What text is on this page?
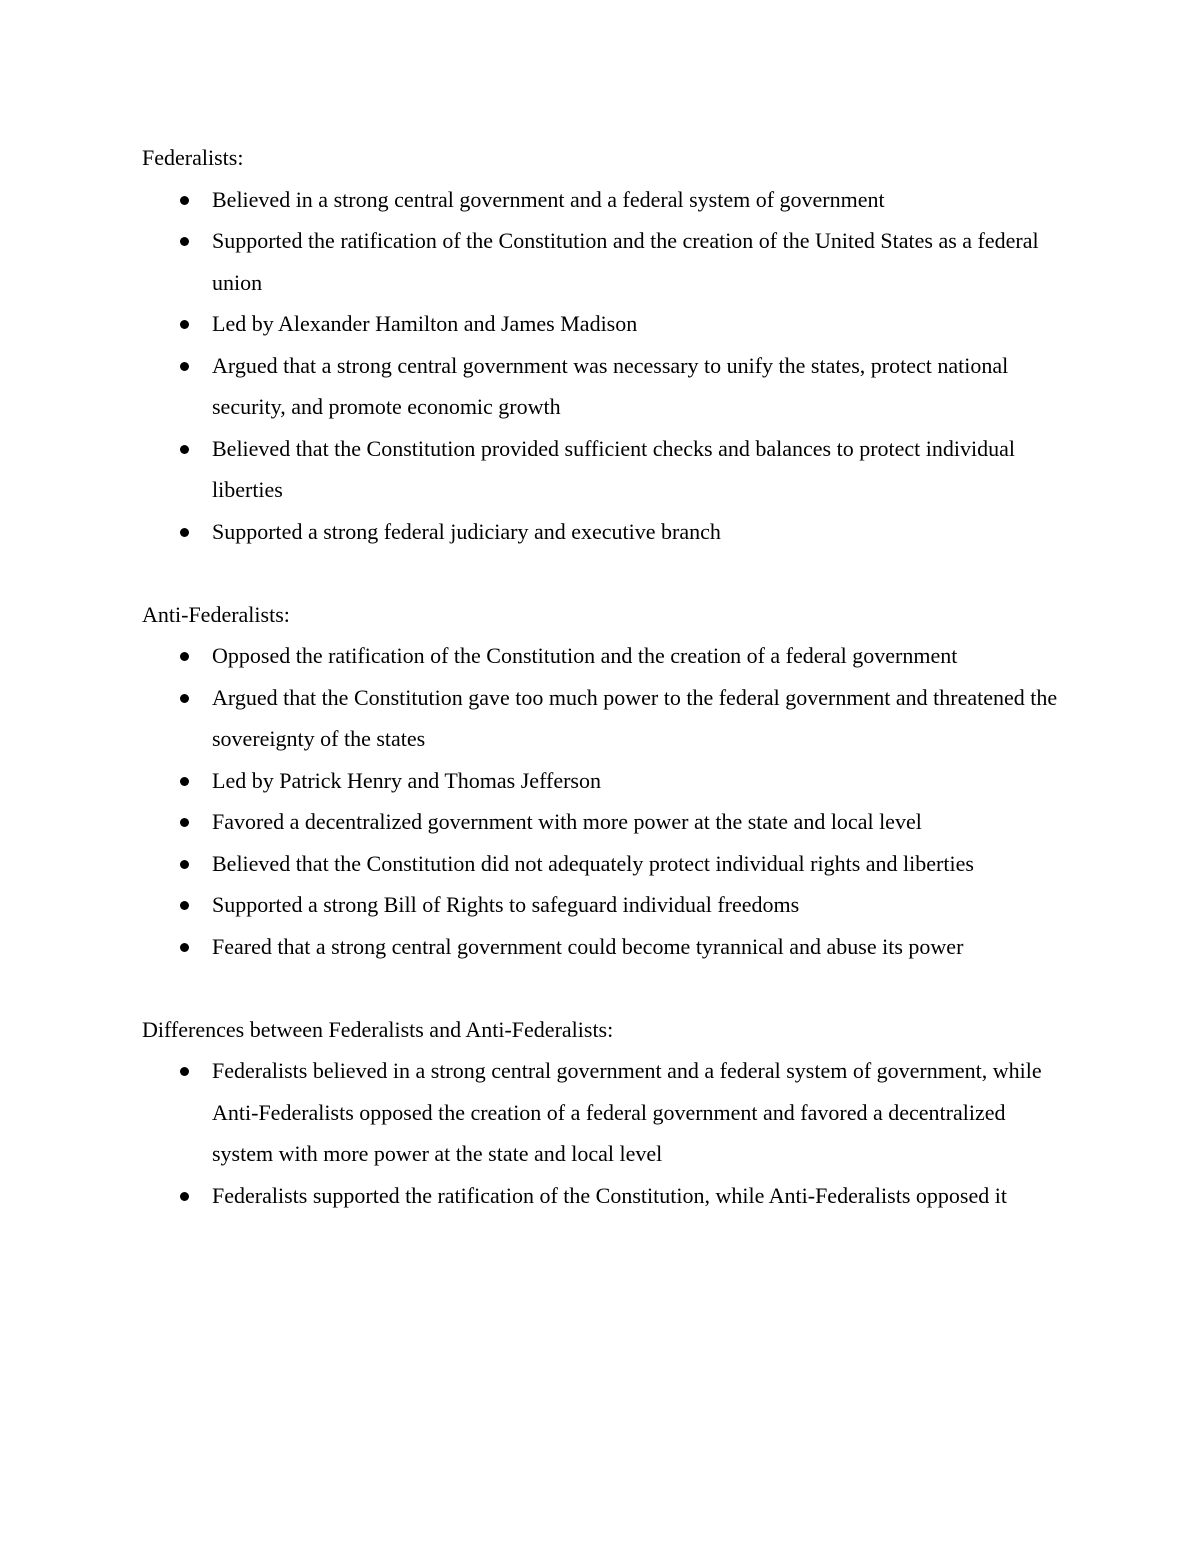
Federalists:

Believed in a strong central government and a federal system of government
Supported the ratification of the Constitution and the creation of the United States as a federal union
Led by Alexander Hamilton and James Madison
Argued that a strong central government was necessary to unify the states, protect national security, and promote economic growth
Believed that the Constitution provided sufficient checks and balances to protect individual liberties
Supported a strong federal judiciary and executive branch

Anti-Federalists:

Opposed the ratification of the Constitution and the creation of a federal government
Argued that the Constitution gave too much power to the federal government and threatened the sovereignty of the states
Led by Patrick Henry and Thomas Jefferson
Favored a decentralized government with more power at the state and local level
Believed that the Constitution did not adequately protect individual rights and liberties
Supported a strong Bill of Rights to safeguard individual freedoms
Feared that a strong central government could become tyrannical and abuse its power

Differences between Federalists and Anti-Federalists:

Federalists believed in a strong central government and a federal system of government, while Anti-Federalists opposed the creation of a federal government and favored a decentralized system with more power at the state and local level
Federalists supported the ratification of the Constitution, while Anti-Federalists opposed it
